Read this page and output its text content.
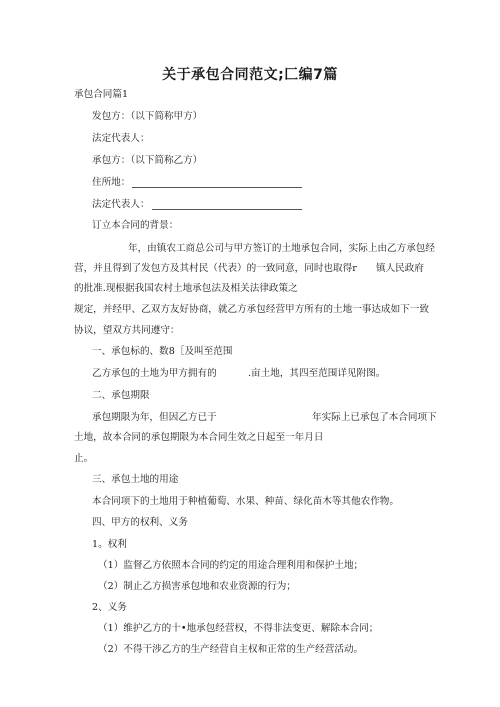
关于承包合同范文;匚编7篇
承包合同篇1
发包方：（以下简称甲方）
法定代表人：
承包方：（以下简称乙方）
住所地：
法定代表人：
订立本合同的背景：
年，由镇农工商总公司与甲方签订的土地承包合同，实际上由乙方承包经
营，并且得到了发包方及其村民（代表）的一致同意，同时也取得r 镇人民政府
的批准.现根据我国农村土地承包法及相关法律政策之
规定，并经甲、乙双方友好协商，就乙方承包经营甲方所有的土地一事达成如下一致
协议，望双方共同遵守：
一、承包标的、数8［及叫至范围
乙方承包的土地为甲方拥有的	.亩土地，其四至范围详见附图。
二、承包期限
承包期限为年，但因乙方已于	年实际上已承包了本合同项下
土地，故本合同的承包期限为本合同生效之日起至一年月日
止。
三、承包土地的用途
本合同项下的土地用于种植葡萄、水果、种苗、绿化苗木等其他农作物。
四、甲方的权利、义务
1。权利
（1）监督乙方依照本合同的约定的用途合理利用和保护土地；
（2）制止乙方损害承包地和农业资源的行为；
2、义务
（1）维护乙方的十•地承包经营权，不得非法变更、解除本合同；
（2）不得干涉乙方的生产经营自主权和正常的生产经营活动。
